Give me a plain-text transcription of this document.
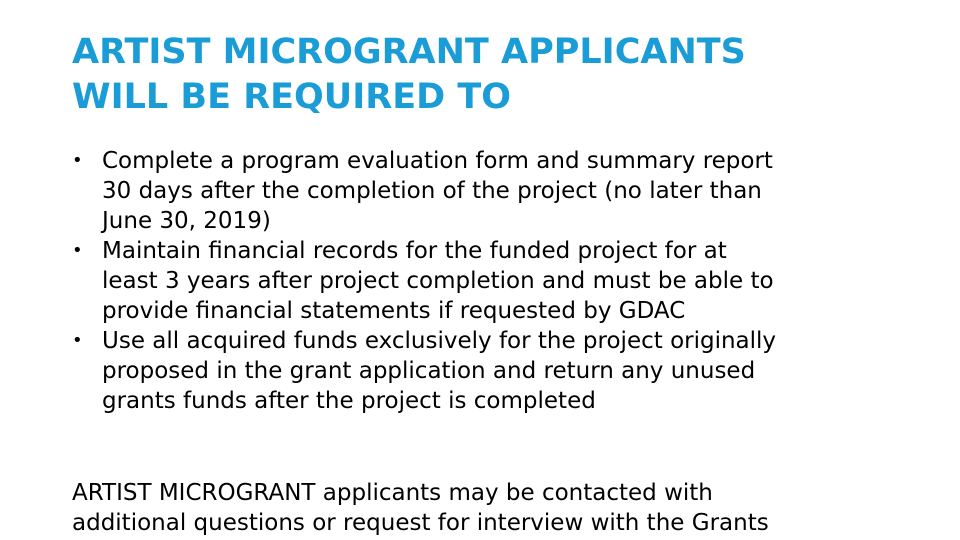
ARTIST MICROGRANT APPLICANTS
WILL BE REQUIRED TO
• Complete a program evaluation form and summary report
30 days after the completion of the project (no later than
June 30, 2019)
• Maintain financial records for the funded project for at
least 3 years after project completion and must be able to
provide financial statements if requested by GDAC
• Use all acquired funds exclusively for the project originally
proposed in the grant application and return any unused
grants funds after the project is completed

ARTIST MICROGRANT applicants may be contacted with
additional questions or request for interview with the Grants
